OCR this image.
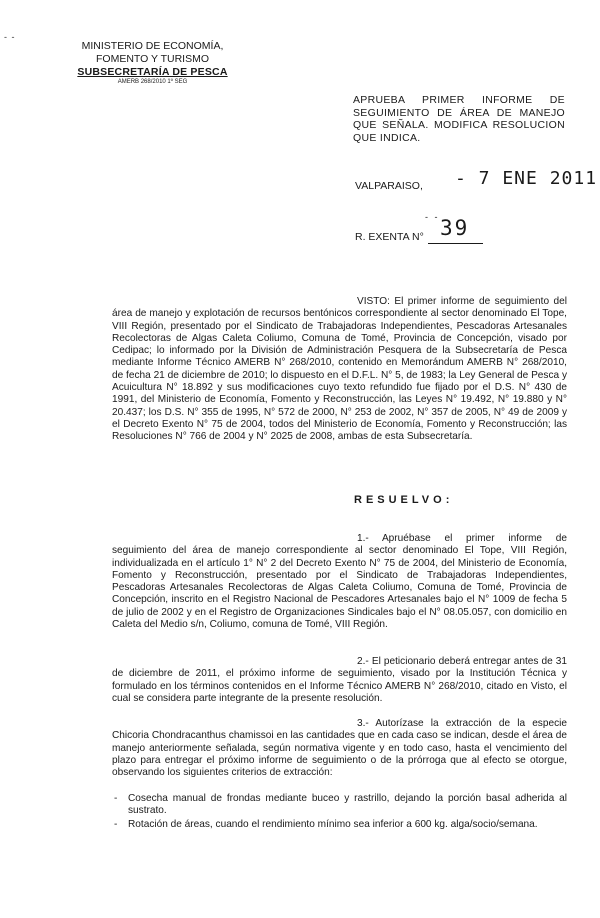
- -
MINISTERIO DE ECONOMÍA,
FOMENTO Y TURISMO
SUBSECRETARÍA DE PESCA
AMERB 268/2010 1º SEG
APRUEBA PRIMER INFORME DE SEGUIMIENTO DE ÁREA DE MANEJO QUE SEÑALA. MODIFICA RESOLUCION QUE INDICA.
VALPARAISO, - 7 ENE 2011
- - 39
R. EXENTA N°

VISTO: El primer informe de seguimiento del área de manejo y explotación de recursos bentónicos correspondiente al sector denominado El Tope, VIII Región, presentado por el Sindicato de Trabajadoras Independientes, Pescadoras Artesanales Recolectoras de Algas Caleta Coliumo, Comuna de Tomé, Provincia de Concepción, visado por Cedipac; lo informado por la División de Administración Pesquera de la Subsecretaría de Pesca mediante Informe Técnico AMERB N° 268/2010, contenido en Memorándum AMERB N° 268/2010, de fecha 21 de diciembre de 2010; lo dispuesto en el D.F.L. N° 5, de 1983; la Ley General de Pesca y Acuicultura N° 18.892 y sus modificaciones cuyo texto refundido fue fijado por el D.S. N° 430 de 1991, del Ministerio de Economía, Fomento y Reconstrucción, las Leyes N° 19.492, N° 19.880 y N° 20.437; los D.S. N° 355 de 1995, N° 572 de 2000, N° 253 de 2002, N° 357 de 2005, N° 49 de 2009 y el Decreto Exento N° 75 de 2004, todos del Ministerio de Economía, Fomento y Reconstrucción; las Resoluciones N° 766 de 2004 y N° 2025 de 2008, ambas de esta Subsecretaría.

RESUELVO:

1.- Apruébase el primer informe de seguimiento del área de manejo correspondiente al sector denominado El Tope, VIII Región, individualizada en el artículo 1° N° 2 del Decreto Exento N° 75 de 2004, del Ministerio de Economía, Fomento y Reconstrucción, presentado por el Sindicato de Trabajadoras Independientes, Pescadoras Artesanales Recolectoras de Algas Caleta Coliumo, Comuna de Tomé, Provincia de Concepción, inscrito en el Registro Nacional de Pescadores Artesanales bajo el N° 1009 de fecha 5 de julio de 2002 y en el Registro de Organizaciones Sindicales bajo el N° 08.05.057, con domicilio en Caleta del Medio s/n, Coliumo, comuna de Tomé, VIII Región.

2.- El peticionario deberá entregar antes de 31 de diciembre de 2011, el próximo informe de seguimiento, visado por la Institución Técnica y formulado en los términos contenidos en el Informe Técnico AMERB N° 268/2010, citado en Visto, el cual se considera parte integrante de la presente resolución.

3.- Autorízase la extracción de la especie Chicoria Chondracanthus chamissoi en las cantidades que en cada caso se indican, desde el área de manejo anteriormente señalada, según normativa vigente y en todo caso, hasta el vencimiento del plazo para entregar el próximo informe de seguimiento o de la prórroga que al efecto se otorgue, observando los siguientes criterios de extracción:

- Cosecha manual de frondas mediante buceo y rastrillo, dejando la porción basal adherida al sustrato.
- Rotación de áreas, cuando el rendimiento mínimo sea inferior a 600 kg. alga/socio/semana.
